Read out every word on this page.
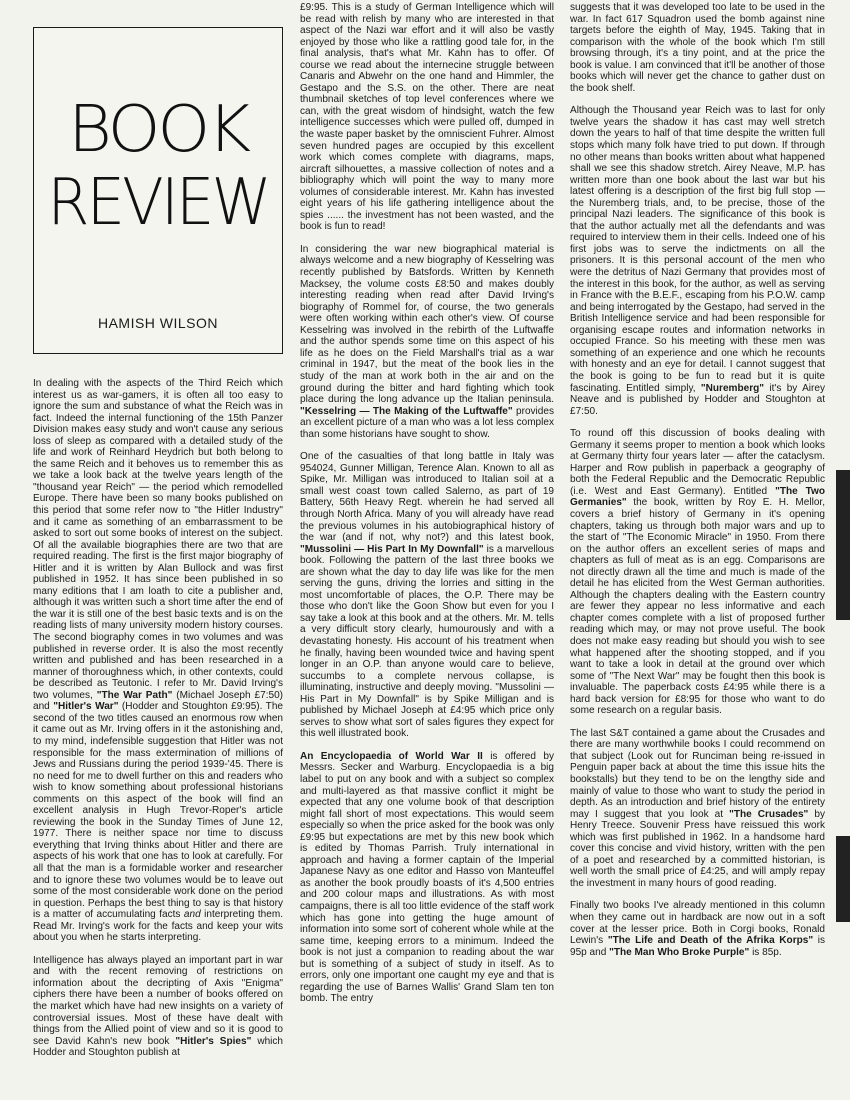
BOOK
REVIEW
HAMISH WILSON

In dealing with the aspects of the Third Reich which interest us as war-gamers, it is often all too easy to ignore the sum and substance of what the Reich was in fact. Indeed the internal functioning of the 15th Panzer Division makes easy study and won't cause any serious loss of sleep as compared with a detailed study of the life and work of Reinhard Heydrich but both belong to the same Reich and it behoves us to remember this as we take a look back at the twelve years length of the "thousand year Reich" — the period which remodelled Europe. There have been so many books published on this period that some refer now to "the Hitler Industry" and it came as something of an embarrassment to be asked to sort out some books of interest on the subject. Of all the available biographies there are two that are required reading. The first is the first major biography of Hitler and it is written by Alan Bullock and was first published in 1952. It has since been published in so many editions that I am loath to cite a publisher and, although it was written such a short time after the end of the war it is still one of the best basic texts and is on the reading lists of many university modern history courses. The second biography comes in two volumes and was published in reverse order. It is also the most recently written and published and has been researched in a manner of thoroughness which, in other contexts, could be described as Teutonic. I refer to Mr. David Irving's two volumes, "The War Path" (Michael Joseph £7:50) and "Hitler's War" (Hodder and Stoughton £9:95). The second of the two titles caused an enormous row when it came out as Mr. Irving offers in it the astonishing and, to my mind, indefensible suggestion that Hitler was not responsible for the mass extermination of millions of Jews and Russians during the period 1939-'45. There is no need for me to dwell further on this and readers who wish to know something about professional historians comments on this aspect of the book will find an excellent analysis in Hugh Trevor-Roper's article reviewing the book in the Sunday Times of June 12, 1977. There is neither space nor time to discuss everything that Irving thinks about Hitler and there are aspects of his work that one has to look at carefully. For all that the man is a formidable worker and researcher and to ignore these two volumes would be to leave out some of the most considerable work done on the period in question. Perhaps the best thing to say is that history is a matter of accumulating facts and interpreting them. Read Mr. Irving's work for the facts and keep your wits about you when he starts interpreting.

Intelligence has always played an important part in war and with the recent removing of restrictions on information about the decripting of Axis "Enigma" ciphers there have been a number of books offered on the market which have had new insights on a variety of controversial issues. Most of these have dealt with things from the Allied point of view and so it is good to see David Kahn's new book "Hitler's Spies" which Hodder and Stoughton publish at

£9:95. This is a study of German Intelligence which will be read with relish by many who are interested in that aspect of the Nazi war effort and it will also be vastly enjoyed by those who like a rattling good tale for, in the final analysis, that's what Mr. Kahn has to offer. Of course we read about the internecine struggle between Canaris and Abwehr on the one hand and Himmler, the Gestapo and the S.S. on the other. There are neat thumbnail sketches of top level conferences where we can, with the great wisdom of hindsight, watch the few intelligence successes which were pulled off, dumped in the waste paper basket by the omniscient Fuhrer. Almost seven hundred pages are occupied by this excellent work which comes complete with diagrams, maps, aircraft silhouettes, a massive collection of notes and a bibliography which will point the way to many more volumes of considerable interest. Mr. Kahn has invested eight years of his life gathering intelligence about the spies ...... the investment has not been wasted, and the book is fun to read!

In considering the war new biographical material is always welcome and a new biography of Kesselring was recently published by Batsfords. Written by Kenneth Macksey, the volume costs £8:50 and makes doubly interesting reading when read after David Irving's biography of Rommel for, of course, the two generals were often working within each other's view. Of course Kesselring was involved in the rebirth of the Luftwaffe and the author spends some time on this aspect of his life as he does on the Field Marshall's trial as a war criminal in 1947, but the meat of the book lies in the study of the man at work both in the air and on the ground during the bitter and hard fighting which took place during the long advance up the Italian peninsula. "Kesselring — The Making of the Luftwaffe" provides an excellent picture of a man who was a lot less complex than some historians have sought to show.

One of the casualties of that long battle in Italy was 954024, Gunner Milligan, Terence Alan. Known to all as Spike, Mr. Milligan was introduced to Italian soil at a small west coast town called Salerno, as part of 19 Battery, 56th Heavy Regt. wherein he had served all through North Africa. Many of you will already have read the previous volumes in his autobiographical history of the war (and if not, why not?) and this latest book, "Mussolini — His Part In My Downfall" is a marvellous book. Following the pattern of the last three books we are shown what the day to day life was like for the men serving the guns, driving the lorries and sitting in the most uncomfortable of places, the O.P. There may be those who don't like the Goon Show but even for you I say take a look at this book and at the others. Mr. M. tells a very difficult story clearly, humourously and with a devastating honesty. His account of his treatment when he finally, having been wounded twice and having spent longer in an O.P. than anyone would care to believe, succumbs to a complete nervous collapse, is illuminating, instructive and deeply moving. "Mussolini — His Part in My Downfall" is by Spike Milligan and is published by Michael Joseph at £4:95 which price only serves to show what sort of sales figures they expect for this well illustrated book.

An Encyclopaedia of World War II is offered by Messrs. Secker and Warburg. Encyclopaedia is a big label to put on any book and with a subject so complex and multi-layered as that massive conflict it might be expected that any one volume book of that description might fall short of most expectations. This would seem especially so when the price asked for the book was only £9:95 but expectations are met by this new book which is edited by Thomas Parrish. Truly international in approach and having a former captain of the Imperial Japanese Navy as one editor and Hasso von Manteuffel as another the book proudly boasts of it's 4,500 entries and 200 colour maps and illustrations. As with most campaigns, there is all too little evidence of the staff work which has gone into getting the huge amount of information into some sort of coherent whole while at the same time, keeping errors to a minimum. Indeed the book is not just a companion to reading about the war but is something of a subject of study in itself. As to errors, only one important one caught my eye and that is regarding the use of Barnes Wallis' Grand Slam ten ton bomb. The entry

suggests that it was developed too late to be used in the war. In fact 617 Squadron used the bomb against nine targets before the eighth of May, 1945. Taking that in comparison with the whole of the book which I'm still browsing through, it's a tiny point, and at the price the book is value. I am convinced that it'll be another of those books which will never get the chance to gather dust on the book shelf.

Although the Thousand year Reich was to last for only twelve years the shadow it has cast may well stretch down the years to half of that time despite the written full stops which many folk have tried to put down. If through no other means than books written about what happened shall we see this shadow stretch. Airey Neave, M.P. has written more than one book about the last war but his latest offering is a description of the first big full stop — the Nuremberg trials, and, to be precise, those of the principal Nazi leaders. The significance of this book is that the author actually met all the defendants and was required to interview them in their cells. Indeed one of his first jobs was to serve the indictments on all the prisoners. It is this personal account of the men who were the detritus of Nazi Germany that provides most of the interest in this book, for the author, as well as serving in France with the B.E.F., escaping from his P.O.W. camp and being interrogated by the Gestapo, had served in the British Intelligence service and had been responsible for organising escape routes and information networks in occupied France. So his meeting with these men was something of an experience and one which he recounts with honesty and an eye for detail. I cannot suggest that the book is going to be fun to read but it is quite fascinating. Entitled simply, "Nuremberg" it's by Airey Neave and is published by Hodder and Stoughton at £7:50.

To round off this discussion of books dealing with Germany it seems proper to mention a book which looks at Germany thirty four years later — after the cataclysm. Harper and Row publish in paperback a geography of both the Federal Republic and the Democratic Republic (i.e. West and East Germany). Entitled "The Two Germanies" the book, written by Roy E. H. Mellor, covers a brief history of Germany in it's opening chapters, taking us through both major wars and up to the start of "The Economic Miracle" in 1950. From there on the author offers an excellent series of maps and chapters as full of meat as is an egg. Comparisons are not directly drawn all the time and much is made of the detail he has elicited from the West German authorities. Although the chapters dealing with the Eastern country are fewer they appear no less informative and each chapter comes complete with a list of proposed further reading which may, or may not prove useful. The book does not make easy reading but should you wish to see what happened after the shooting stopped, and if you want to take a look in detail at the ground over which some of "The Next War" may be fought then this book is invaluable. The paperback costs £4:95 while there is a hard back version for £8:95 for those who want to do some research on a regular basis.

The last S&T contained a game about the Crusades and there are many worthwhile books I could recommend on that subject (Look out for Runciman being re-issued in Penguin paper back at about the time this issue hits the bookstalls) but they tend to be on the lengthy side and mainly of value to those who want to study the period in depth. As an introduction and brief history of the entirety may I suggest that you look at "The Crusades" by Henry Treece. Souvenir Press have reissued this work which was first published in 1962. In a handsome hard cover this concise and vivid history, written with the pen of a poet and researched by a committed historian, is well worth the small price of £4:25, and will amply repay the investment in many hours of good reading.

Finally two books I've already mentioned in this column when they came out in hardback are now out in a soft cover at the lesser price. Both in Corgi books, Ronald Lewin's "The Life and Death of the Afrika Korps" is 95p and "The Man Who Broke Purple" is 85p.
